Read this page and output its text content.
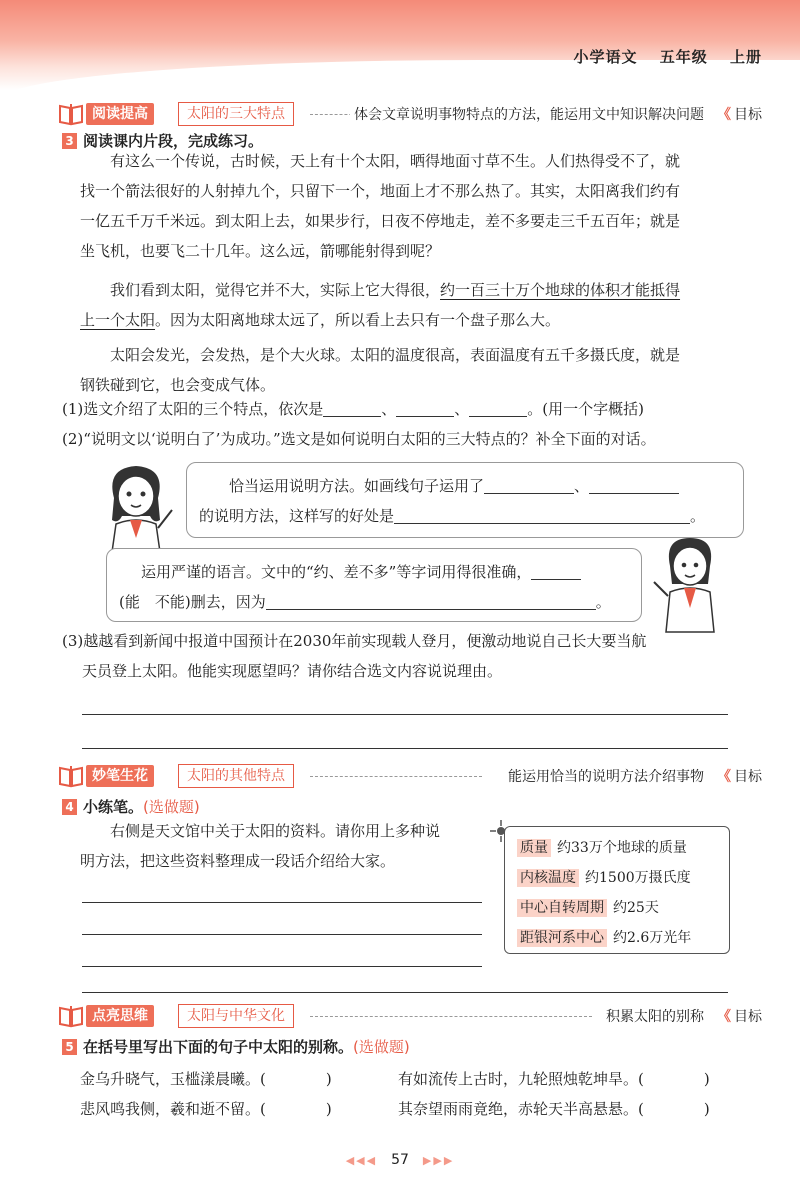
小学语文 五年级 上册
阅读提高	太阳的三大特点	体会文章说明事物特点的方法，能运用文中知识解决问题 《 目标
3 阅读课内片段，完成练习。
有这么一个传说，古时候，天上有十个太阳，晒得地面寸草不生。人们热得受不了，就
找一个箭法很好的人射掉九个，只留下一个，地面上才不那么热了。其实，太阳离我们约有
一亿五千万千米远。到太阳上去，如果步行，日夜不停地走，差不多要走三千五百年；就是
坐飞机，也要飞二十几年。这么远，箭哪能射得到呢？
我们看到太阳，觉得它并不大，实际上它大得很，约一百三十万个地球的体积才能抵得
上一个太阳。因为太阳离地球太远了，所以看上去只有一个盘子那么大。
太阳会发光，会发热，是个大火球。太阳的温度很高，表面温度有五千多摄氏度，就是
钢铁碰到它，也会变成气体。
(1)选文介绍了太阳的三个特点，依次是	、	、	。(用一个字概括)
(2)“说明文以‘说明白了’为成功。”选文是如何说明白太阳的三大特点的？补全下面的对话。
恰当运用说明方法。如画线句子运用了	、
的说明方法，这样写的好处是	。
运用严谨的语言。文中的“约、差不多”等字词用得很准确，
(能　不能)删去，因为	。
(3)越越看到新闻中报道中国预计在2030年前实现载人登月，便激动地说自己长大要当航
天员登上太阳。他能实现愿望吗？请你结合选文内容说说理由。
妙笔生花	太阳的其他特点	能运用恰当的说明方法介绍事物 《 目标
4 小练笔。(选做题)
右侧是天文馆中关于太阳的资料。请你用上多种说
明方法，把这些资料整理成一段话介绍给大家。
质量 约33万个地球的质量
内核温度 约1500万摄氏度
中心自转周期 约25天
距银河系中心 约2.6万光年
点亮思维	太阳与中华文化	积累太阳的别称 《 目标
5 在括号里写出下面的句子中太阳的别称。(选做题)
金乌升晓气，玉槛漾晨曦。(　　　　)	有如流传上古时，九轮照烛乾坤旱。(　　　　)
悲风鸣我侧，羲和逝不留。(　　　　)	其奈望雨雨竟绝，赤轮天半高悬悬。(　　　　)
◀◀◀ 57 ▶▶▶
